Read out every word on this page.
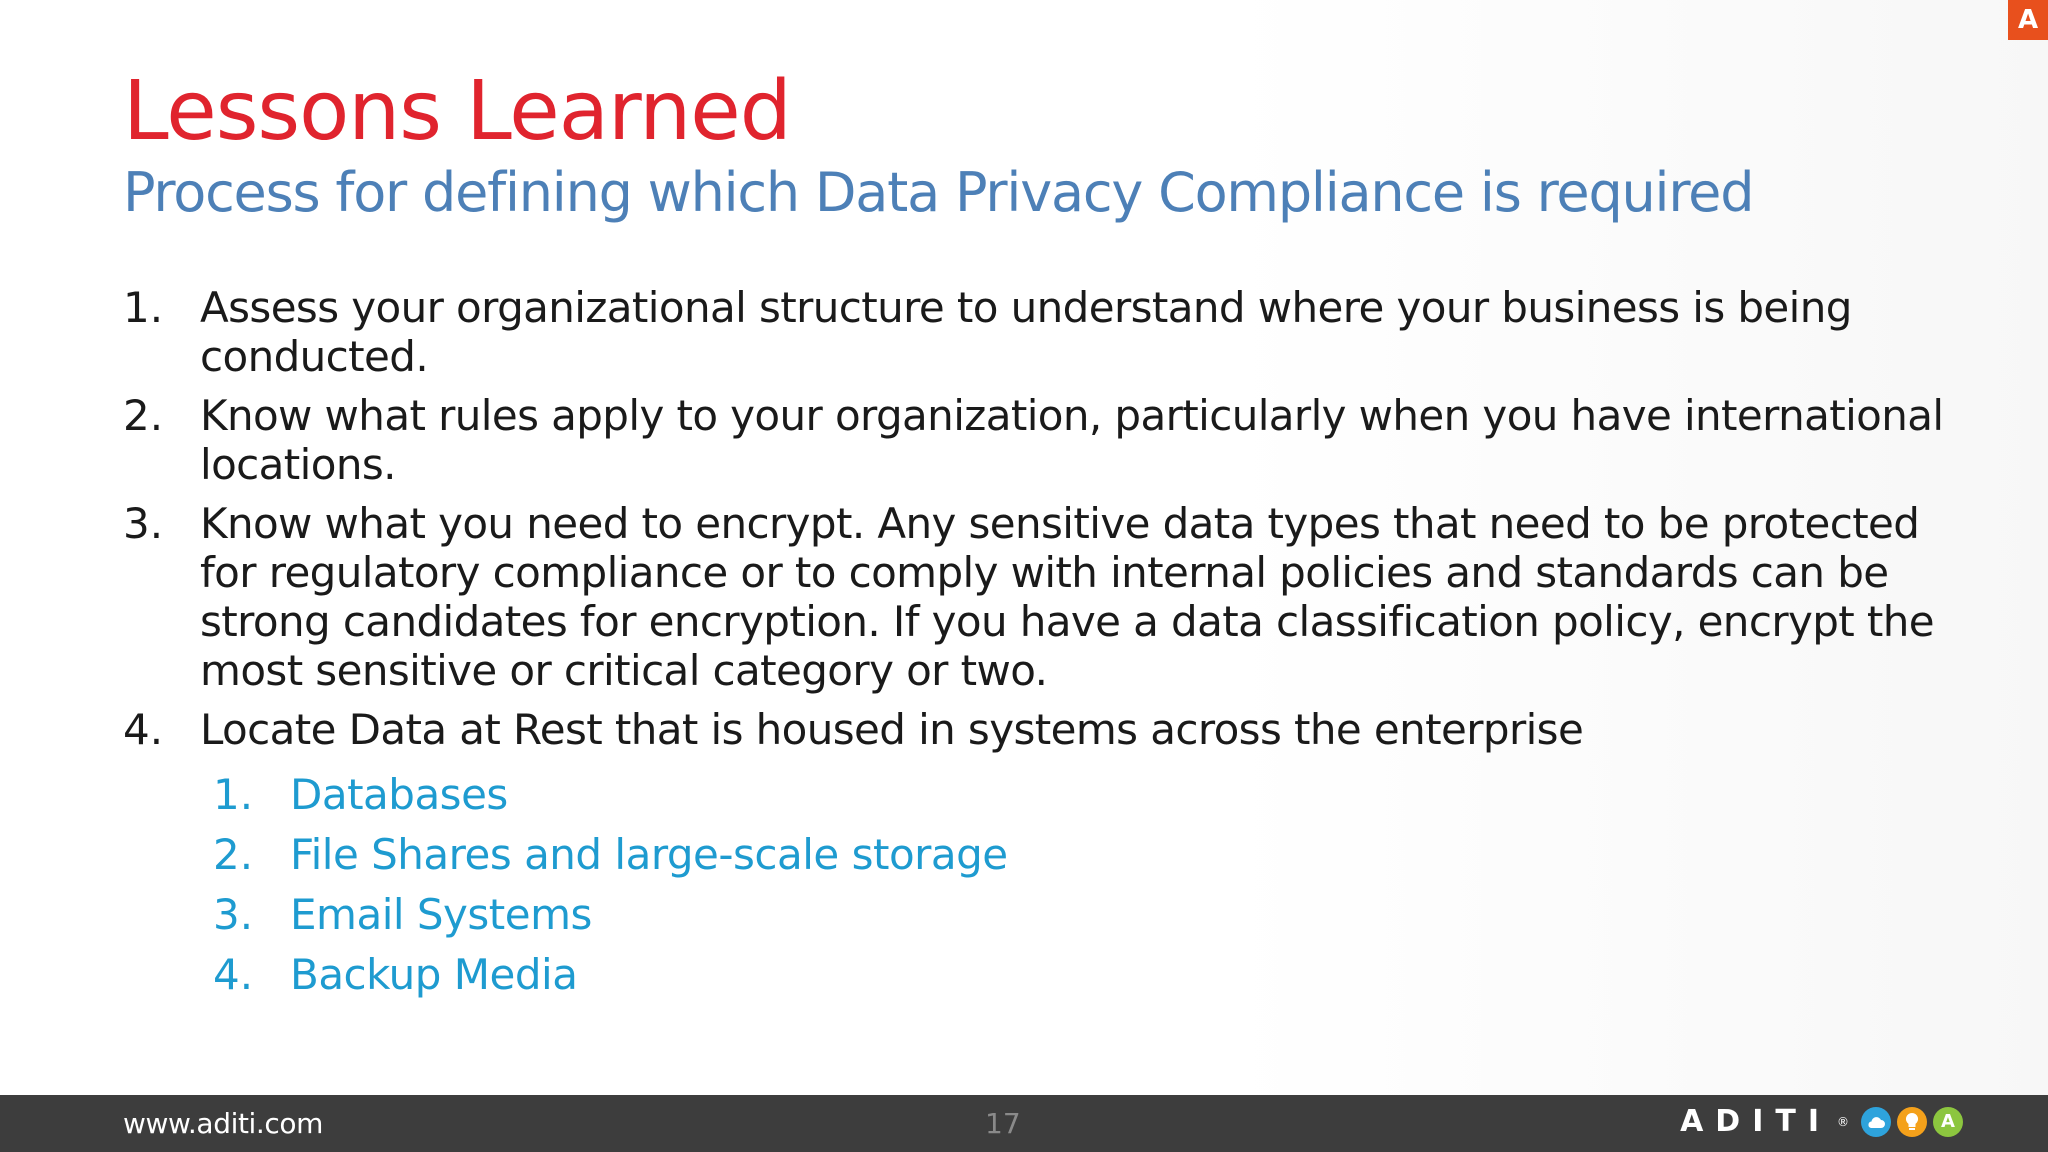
A
Lessons Learned
Process for defining which Data Privacy Compliance is required
1. Assess your organizational structure to understand where your business is being conducted.
2. Know what rules apply to your organization, particularly when you have international locations.
3. Know what you need to encrypt. Any sensitive data types that need to be protected for regulatory compliance or to comply with internal policies and standards can be strong candidates for encryption. If you have a data classification policy, encrypt the most sensitive or critical category or two.
4. Locate Data at Rest that is housed in systems across the enterprise
1. Databases
2. File Shares and large-scale storage
3. Email Systems
4. Backup Media
www.aditi.com	17	ADITI ®	A
